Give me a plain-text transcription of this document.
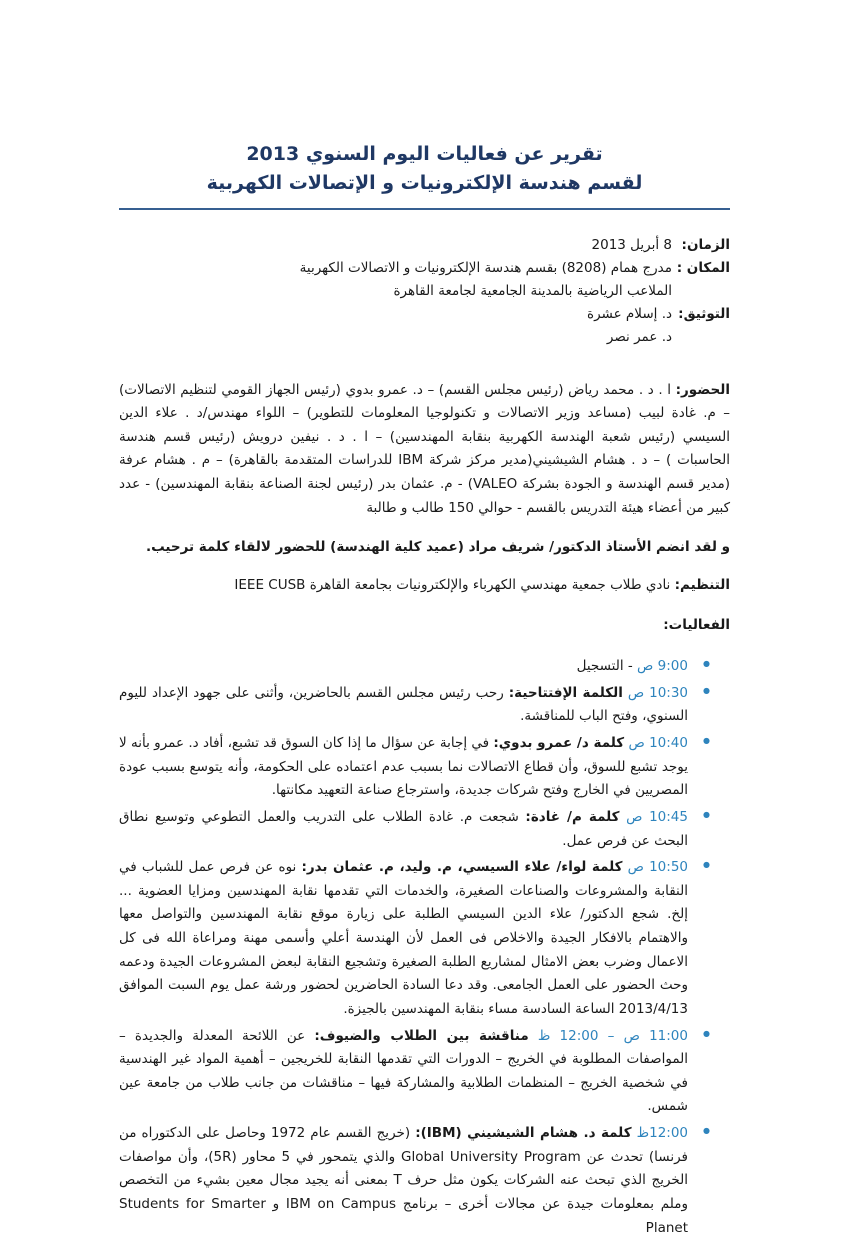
تقرير عن فعاليات اليوم السنوي 2013
لقسم هندسة الإلكترونيات و الإتصالات الكهربية
الزمان:
8 أبريل 2013
المكان :
مدرج همام (8208) بقسم هندسة الإلكترونيات و الاتصالات الكهربية
الملاعب الرياضية بالمدينة الجامعية لجامعة القاهرة
التوثيق:
د. إسلام عشرة
د. عمر نصر

الحضور: ا . د . محمد رياض (رئيس مجلس القسم) – د. عمرو بدوي (رئيس الجهاز القومي لتنظيم الاتصالات) – م. غادة لبيب (مساعد وزير الاتصالات و تكنولوجيا المعلومات للتطوير) – اللواء مهندس/د . علاء الدين السيسي (رئيس شعبة الهندسة الكهربية بنقابة المهندسين) – ا . د . نيفين درويش (رئيس قسم هندسة الحاسبات ) – د . هشام الشيشيني(مدير مركز شركة IBM للدراسات المتقدمة بالقاهرة) – م . هشام عرفة (مدير قسم الهندسة و الجودة بشركة VALEO) - م. عثمان بدر (رئيس لجنة الصناعة بنقابة المهندسين) - عدد كبير من أعضاء هيئة التدريس بالقسم - حوالي 150 طالب و طالبة

و لقد انضم الأستاذ الدكتور/ شريف مراد (عميد كلية الهندسة) للحضور لالقاء كلمة ترحيب.

التنظيم: نادي طلاب جمعية مهندسي الكهرباء والإلكترونيات بجامعة القاهرة IEEE CUSB

الفعاليات:

● 9:00 ص - التسجيل
● 10:30 ص الكلمة الإفتتاحية: رحب رئيس مجلس القسم بالحاضرين، وأثنى على جهود الإعداد لليوم السنوي، وفتح الباب للمناقشة.
● 10:40 ص كلمة د/ عمرو بدوي: في إجابة عن سؤال ما إذا كان السوق قد تشبع، أفاد د. عمرو بأنه لا يوجد تشبع للسوق، وأن قطاع الاتصالات نما بسبب عدم اعتماده على الحكومة، وأنه يتوسع بسبب عودة المصريين في الخارج وفتح شركات جديدة، واسترجاع صناعة التعهيد مكانتها.
● 10:45 ص كلمة م/ غادة: شجعت م. غادة الطلاب على التدريب والعمل التطوعي وتوسيع نطاق البحث عن فرص عمل.
● 10:50 ص كلمة لواء/ علاء السيسي، م. وليد، م. عثمان بدر: نوه عن فرص عمل للشباب في النقابة والمشروعات والصناعات الصغيرة، والخدمات التي تقدمها نقابة المهندسين ومزايا العضوية ... إلخ. شجع الدكتور/ علاء الدين السيسي الطلبة على زيارة موقع نقابة المهندسين والتواصل معها والاهتمام بالافكار الجيدة والاخلاص فى العمل لأن الهندسة أعلي وأسمى مهنة ومراعاة الله فى كل الاعمال وضرب بعض الامثال لمشاريع الطلبة الصغيرة وتشجيع النقابة لبعض المشروعات الجيدة ودعمه وحث الحضور على العمل الجامعى. وقد دعا السادة الحاضرين لحضور ورشة عمل يوم السبت الموافق 2013/4/13 الساعة السادسة مساء بنقابة المهندسين بالجيزة.
● 11:00 ص – 12:00 ظ مناقشة بين الطلاب والضيوف: عن اللائحة المعدلة والجديدة – المواصفات المطلوبة في الخريج – الدورات التي تقدمها النقابة للخريجين – أهمية المواد غير الهندسية في شخصية الخريج – المنظمات الطلابية والمشاركة فيها – مناقشات من جانب طلاب من جامعة عين شمس.
● 12:00ظ كلمة د. هشام الشيشيني (IBM): (خريج القسم عام 1972 وحاصل على الدكتوراه من فرنسا) تحدث عن Global University Program والذي يتمحور في 5 محاور (5R)، وأن مواصفات الخريج الذي تبحث عنه الشركات يكون مثل حرف T بمعنى أنه يجيد مجال معين بشيء من التخصص وملم بمعلومات جيدة عن مجالات أخرى – برنامج IBM on Campus و Students for Smarter Planet
